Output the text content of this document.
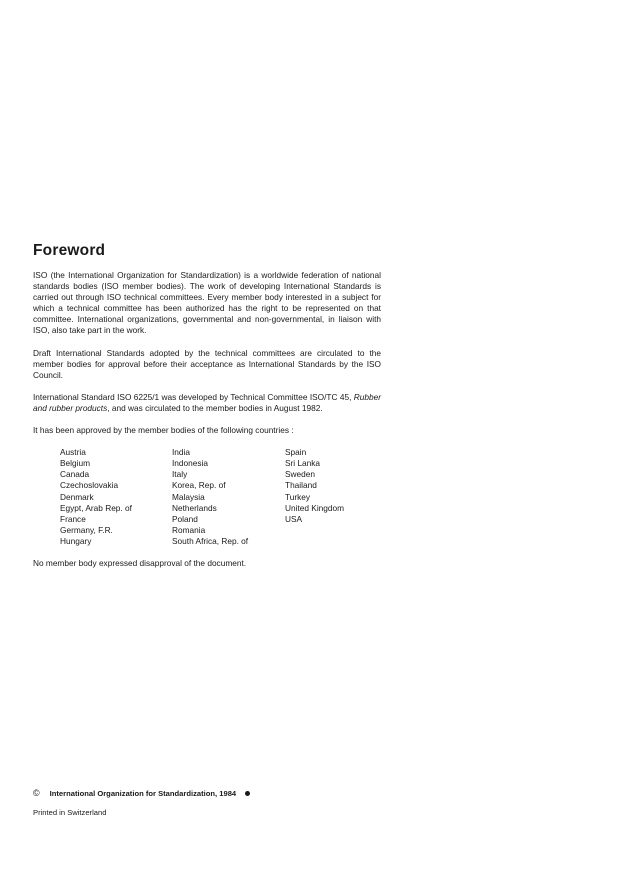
Foreword

ISO (the International Organization for Standardization) is a worldwide federation of national standards bodies (ISO member bodies). The work of developing International Standards is carried out through ISO technical committees. Every member body interested in a subject for which a technical committee has been authorized has the right to be represented on that committee. International organizations, governmental and non-governmental, in liaison with ISO, also take part in the work.

Draft International Standards adopted by the technical committees are circulated to the member bodies for approval before their acceptance as International Standards by the ISO Council.

International Standard ISO 6225/1 was developed by Technical Committee ISO/TC 45, Rubber and rubber products, and was circulated to the member bodies in August 1982.

It has been approved by the member bodies of the following countries :

Austria
Belgium
Canada
Czechoslovakia
Denmark
Egypt, Arab Rep. of
France
Germany, F.R.
Hungary
India
Indonesia
Italy
Korea, Rep. of
Malaysia
Netherlands
Poland
Romania
South Africa, Rep. of
Spain
Sri Lanka
Sweden
Thailand
Turkey
United Kingdom
USA

No member body expressed disapproval of the document.

© International Organization for Standardization, 1984
Printed in Switzerland
